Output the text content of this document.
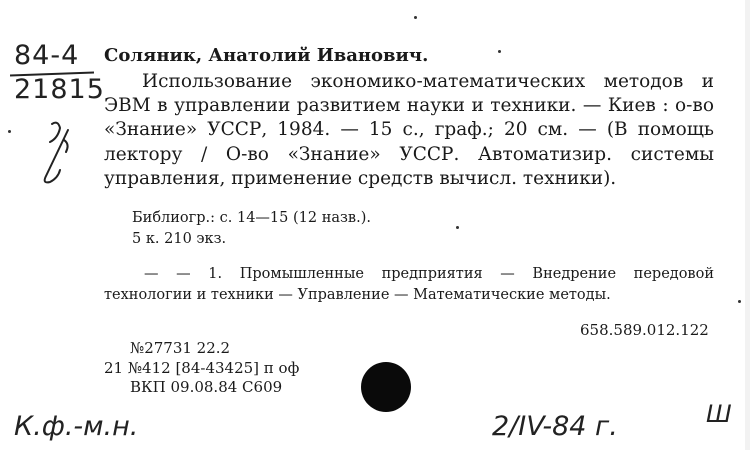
84-4
21815
Соляник, Анатолий Иванович.
Использование экономико-математических методов и ЭВМ в управлении развитием науки и техники. — Киев : о-во «Знание» УССР, 1984. — 15 с., граф.; 20 см. — (В помощь лектору / О-во «Знание» УССР. Автоматизир. системы управления, применение средств вычисл. техники).
Библиогр.: с. 14—15 (12 назв.).
5 к. 210 экз.
— — 1. Промышленные предприятия — Внедрение передовой технологии и техники — Управление — Математические методы.
658.589.012.122
№27731 22.2
21 №412 [84-43425] п оф
ВКП 09.08.84 С609
К.ф.-м.н.	2/IV-84 г.	Ш
